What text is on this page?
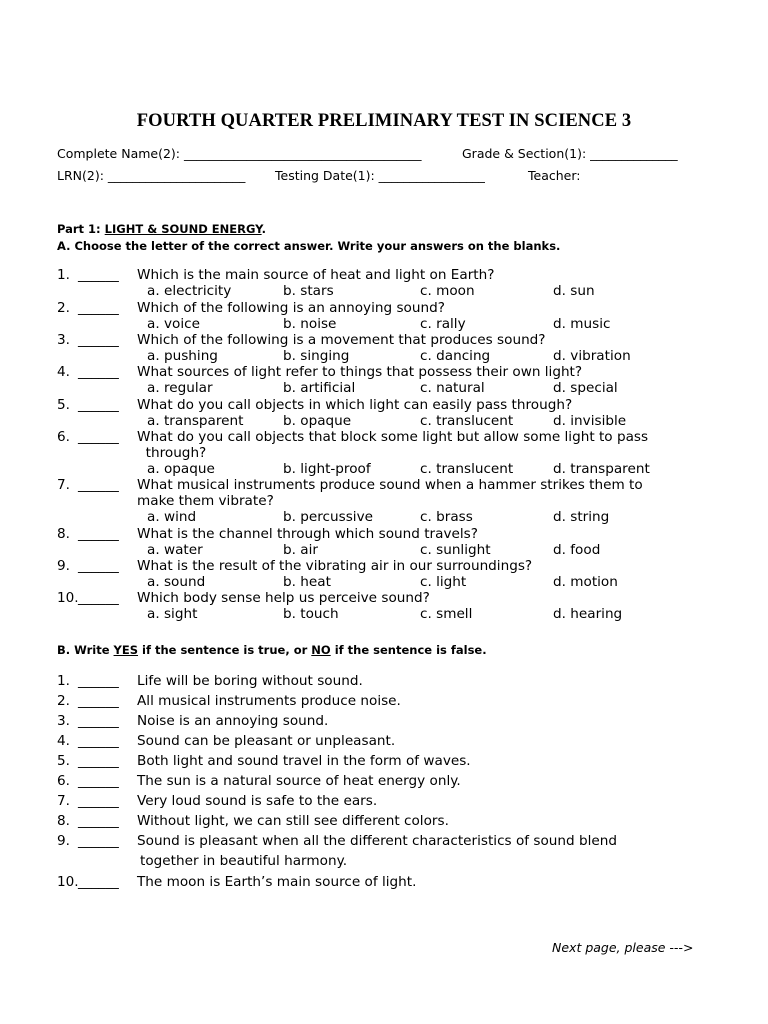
FOURTH QUARTER PRELIMINARY TEST IN SCIENCE 3
Complete Name(2): ______________________________________	Grade & Section(1): ______________
LRN(2): ______________________ Testing Date(1): _________________	Teacher:
Part 1: LIGHT & SOUND ENERGY.
A. Choose the letter of the correct answer. Write your answers on the blanks.
1. ______ Which is the main source of heat and light on Earth?
a. electricity	b. stars	c. moon	d. sun
2. ______ Which of the following is an annoying sound?
a. voice	b. noise	c. rally	d. music
3. ______ Which of the following is a movement that produces sound?
a. pushing	b. singing	c. dancing	d. vibration
4. ______ What sources of light refer to things that possess their own light?
a. regular	b. artificial	c. natural	d. special
5. ______ What do you call objects in which light can easily pass through?
a. transparent	b. opaque	c. translucent	d. invisible
6. ______ What do you call objects that block some light but allow some light to pass
through?
a. opaque	b. light-proof	c. translucent	d. transparent
7. ______ What musical instruments produce sound when a hammer strikes them to
make them vibrate?
a. wind	b. percussive	c. brass	d. string
8. ______ What is the channel through which sound travels?
a. water	b. air	c. sunlight	d. food
9. ______ What is the result of the vibrating air in our surroundings?
a. sound	b. heat	c. light	d. motion
10. ______ Which body sense help us perceive sound?
a. sight	b. touch	c. smell	d. hearing
B. Write YES if the sentence is true, or NO if the sentence is false.
1. ______ Life will be boring without sound.
2. ______ All musical instruments produce noise.
3. ______ Noise is an annoying sound.
4. ______ Sound can be pleasant or unpleasant.
5. ______ Both light and sound travel in the form of waves.
6. ______ The sun is a natural source of heat energy only.
7. ______ Very loud sound is safe to the ears.
8. ______ Without light, we can still see different colors.
9. ______ Sound is pleasant when all the different characteristics of sound blend
together in beautiful harmony.
10. ______ The moon is Earth’s main source of light.
Next page, please --->
